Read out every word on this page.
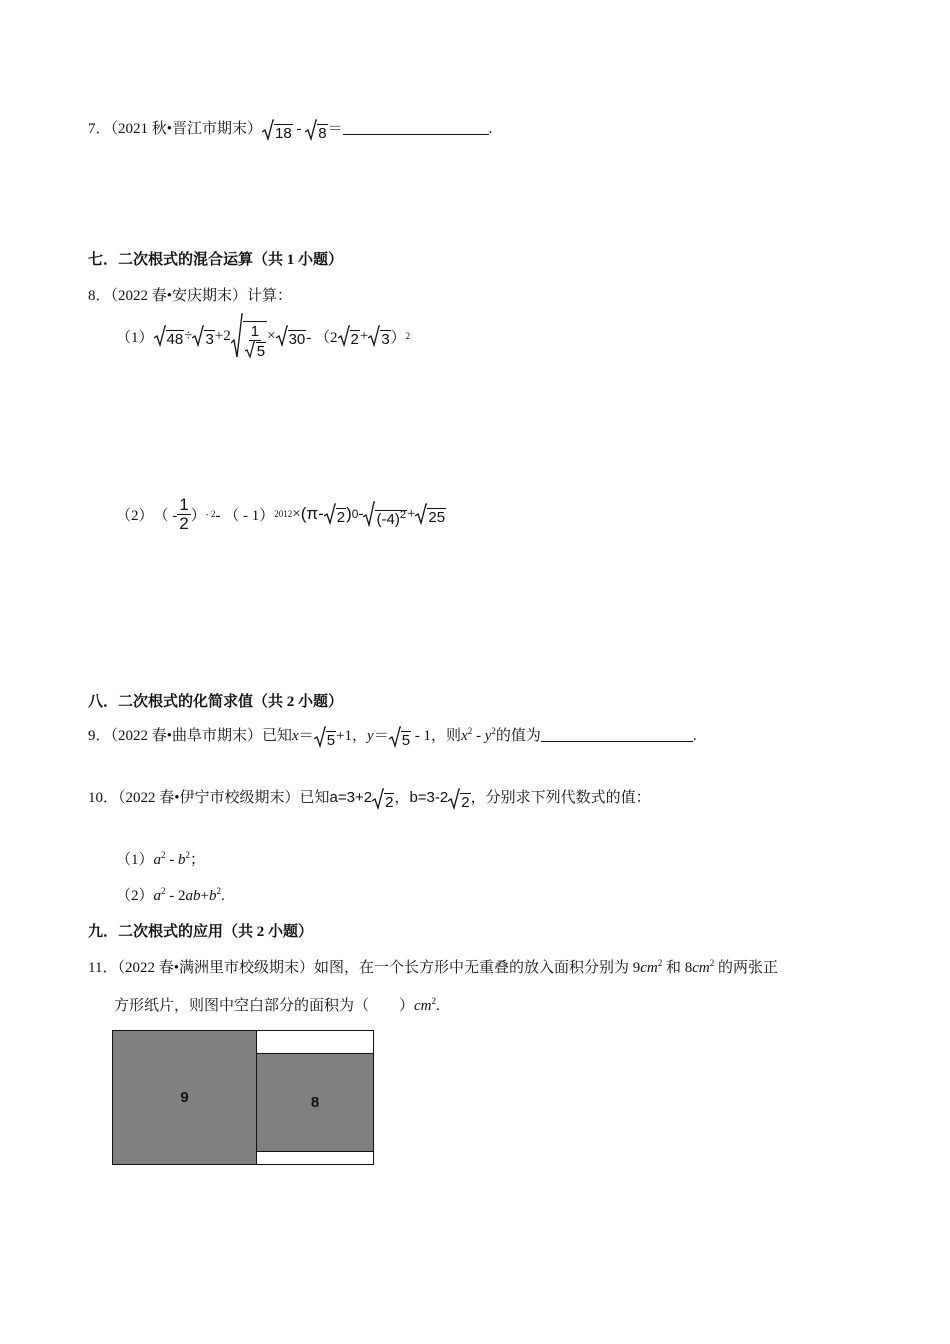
7．（2021 秋•晋江市期末） 18 - 8 ＝	.
七．二次根式的混合运算（共 1 小题）
8．（2022 春•安庆期末）计算：
（1） $48 \div 3 +2 \frac{1}{5} \times 30 - (2$ 2 + 3 ） 2
（2） （ - $\frac{1}{2}$ ） - 2 - （ - 1） 2012 × (π- 2 ) $0 - (-4)^2 + 25$
八．二次根式的化简求值（共 2 小题）
9．（2022 春•曲阜市期末）已知x＝ 5 +1，y＝ 5 - 1，则$x^2 - y^2$的值为	.
10．（2022 春•伊宁市校级期末）已知a=3+2 2 ，b=3-2 2 ，分别求下列代数式的值：
$(1)a^2 - b^2$；
$(2)a^2 - 2ab+b^2$.
九．二次根式的应用（共 2 小题）
11．（2022 春•满洲里市校级期末）如图，在一个长方形中无重叠的放入面积分别为 $9cm^2$ 和 $8cm^2$ 的两张正
方形纸片，则图中空白部分的面积为（　　）$cm^2$.
9	8
